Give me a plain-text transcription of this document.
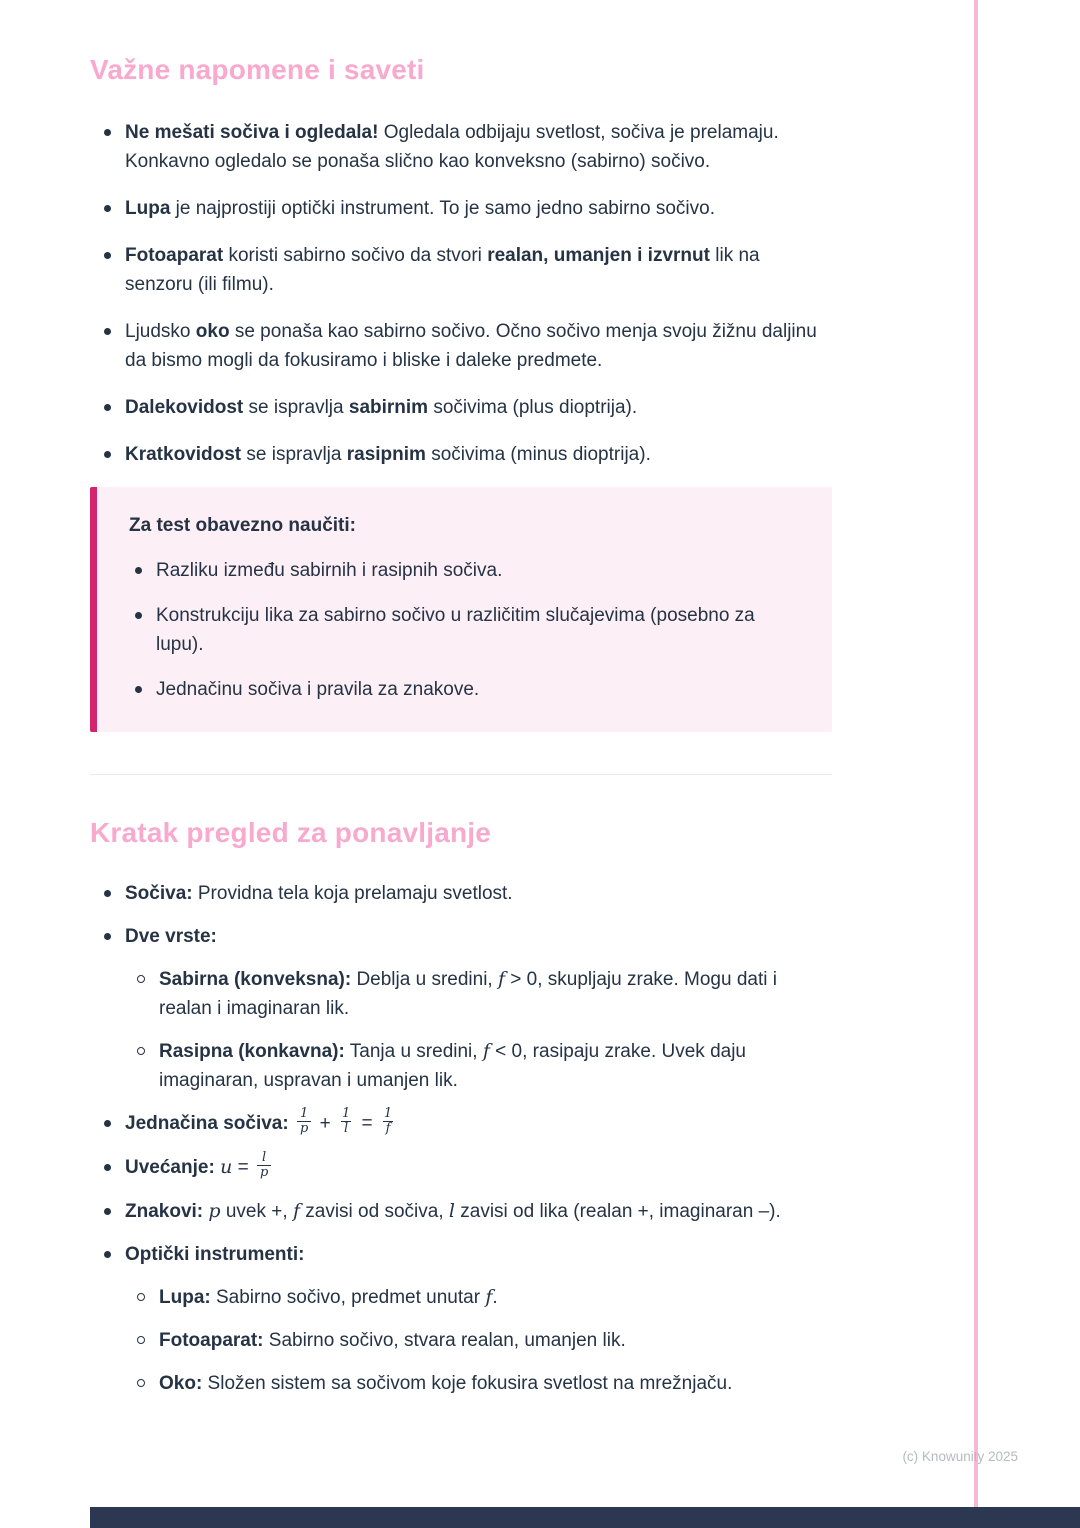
Važne napomene i saveti
Ne mešati sočiva i ogledala! Ogledala odbijaju svetlost, sočiva je prelamaju. Konkavno ogledalo se ponaša slično kao konveksno (sabirno) sočivo.
Lupa je najprostiji optički instrument. To je samo jedno sabirno sočivo.
Fotoaparat koristi sabirno sočivo da stvori realan, umanjen i izvrnut lik na senzoru (ili filmu).
Ljudsko oko se ponaša kao sabirno sočivo. Očno sočivo menja svoju žižnu daljinu da bismo mogli da fokusiramo i bliske i daleke predmete.
Dalekovidost se ispravlja sabirnim sočivima (plus dioptrija).
Kratkovidost se ispravlja rasipnim sočivima (minus dioptrija).
Za test obavezno naučiti:
Razliku između sabirnih i rasipnih sočiva.
Konstrukciju lika za sabirno sočivo u različitim slučajevima (posebno za lupu).
Jednačinu sočiva i pravila za znakove.
Kratak pregled za ponavljanje
Sočiva: Providna tela koja prelamaju svetlost.
Dve vrste:
Sabirna (konveksna): Deblja u sredini, f > 0, skupljaju zrake. Mogu dati i realan i imaginaran lik.
Rasipna (konkavna): Tanja u sredini, f < 0, rasipaju zrake. Uvek daju imaginaran, uspravan i umanjen lik.
Jednačina sočiva: $\frac{1}{p} + \frac{1}{l} = \frac{1}{f}$
Uvećanje: $u = \frac{l}{p}$
Znakovi: p uvek +, f zavisi od sočiva, l zavisi od lika (realan +, imaginaran –).
Optički instrumenti:
Lupa: Sabirno sočivo, predmet unutar f.
Fotoaparat: Sabirno sočivo, stvara realan, umanjen lik.
Oko: Složen sistem sa sočivom koje fokusira svetlost na mrežnjaču.
(c) Knowunity 2025
